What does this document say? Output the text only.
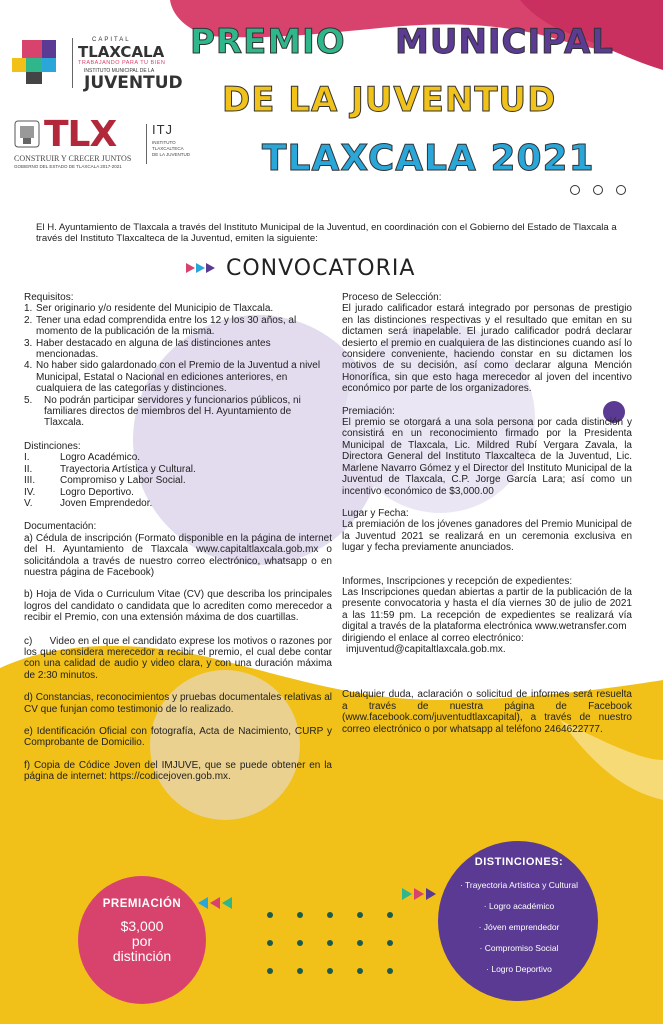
CAPITAL
TLAXCALA
TRABAJANDO PARA TU BIEN
INSTITUTO MUNICIPAL DE LA
JUVENTUD
TLX
CONSTRUIR Y CRECER JUNTOS
GOBIERNO DEL ESTADO DE TLAXCALA 2017-2021
ITJ
INSTITUTO
TLAXCALTECA
DE LA JUVENTUD
PREMIO MUNICIPAL
DE LA JUVENTUD
TLAXCALA 2021
El H. Ayuntamiento de Tlaxcala a través del Instituto Municipal de la Juventud, en coordinación con el Gobierno del Estado de Tlaxcala a través del Instituto Tlaxcalteca de la Juventud, emiten la siguiente:
CONVOCATORIA

Requisitos:

1. Ser originario y/o residente del Municipio de Tlaxcala.
2. Tener una edad comprendida entre los 12 y los 30 años, al momento de la publicación de la misma.
3. Haber destacado en alguna de las distinciones antes mencionadas.
4. No haber sido galardonado con el Premio de la Juventud a nivel Municipal, Estatal o Nacional en ediciones anteriores, en cualquiera de las categorías y distinciones.
5.	No podrán participar servidores y funcionarios públicos, ni familiares directos de miembros del H. Ayuntamiento de Tlaxcala.

Distinciones:

I.	Logro Académico.
II.	Trayectoria Artística y Cultural.
III.	Compromiso y Labor Social.
IV.	Logro Deportivo.
V.	Joven Emprendedor.

Documentación:

a) Cédula de inscripción (Formato disponible en la página de internet del H. Ayuntamiento de Tlaxcala www.capitaltlaxcala.gob.mx o solicitándola a través de nuestro correo electrónico, whatsapp o en nuestra página de Facebook)

b) Hoja de Vida o Curriculum Vitae (CV) que describa los principales logros del candidato o candidata que lo acrediten como merecedor a recibir el Premio, con una extensión máxima de dos cuartillas.

c)      Video en el que el candidato exprese los motivos o razones por los que considera merecedor a recibir el premio, el cual debe contar con una calidad de audio y video clara, y con una duración máxima de 2:30 minutos.

d) Constancias, reconocimientos y pruebas documentales relativas al CV que funjan como testimonio de lo realizado.

e) Identificación Oficial con fotografía, Acta de Nacimiento, CURP y Comprobante de Domicilio.

f) Copia de Códice Joven del IMJUVE, que se puede obtener en la página de internet: https://codicejoven.gob.mx.

Proceso de Selección:

El jurado calificador estará integrado por personas de prestigio en las distinciones respectivas y el resultado que emitan en su dictamen será inapelable. El jurado calificador podrá declarar desierto el premio en cualquiera de las distinciones cuando así lo considere conveniente, haciendo constar en su dictamen los motivos de su decisión, así como declarar alguna Mención Honorífica, sin que esto haga merecedor al joven del incentivo económico por parte de los organizadores.

Premiación:

El premio se otorgará a una sola persona por cada distinción y consistirá en un reconocimiento firmado por la Presidenta Municipal de Tlaxcala, Lic. Mildred Rubí Vergara Zavala, la Directora General del Instituto Tlaxcalteca de la Juventud, Lic. Marlene Navarro Gómez y el Director del Instituto Municipal de la Juventud de Tlaxcala, C.P. Jorge García Lara; así como un incentivo económico de $3,000.00

Lugar y Fecha:

La premiación de los jóvenes ganadores del Premio Municipal de la Juventud 2021 se realizará en un ceremonia exclusiva en lugar y fecha previamente anunciados.

Informes, Inscripciones y recepción de expedientes:

Las Inscripciones quedan abiertas a partir de la publicación de la presente convocatoria y hasta el día viernes 30 de julio de 2021 a las 11:59 pm. La recepción de expedientes se realizará vía digital a través de la plataforma electrónica www.wetransfer.com

dirigiendo el enlace al correo electrónico:

imjuventud@capitaltlaxcala.gob.mx.

Cualquier duda, aclaración o solicitud de informes será resuelta a través de nuestra página de Facebook (www.facebook.com/juventudtlaxcapital), a través de nuestro correo electrónico o por whatsapp al teléfono 2464622777.

PREMIACIÓN
$3,000
por
distinción
DISTINCIONES:
· Trayectoria Artística y Cultural
· Logro académico
· Jóven emprendedor
· Compromiso Social
· Logro Deportivo
